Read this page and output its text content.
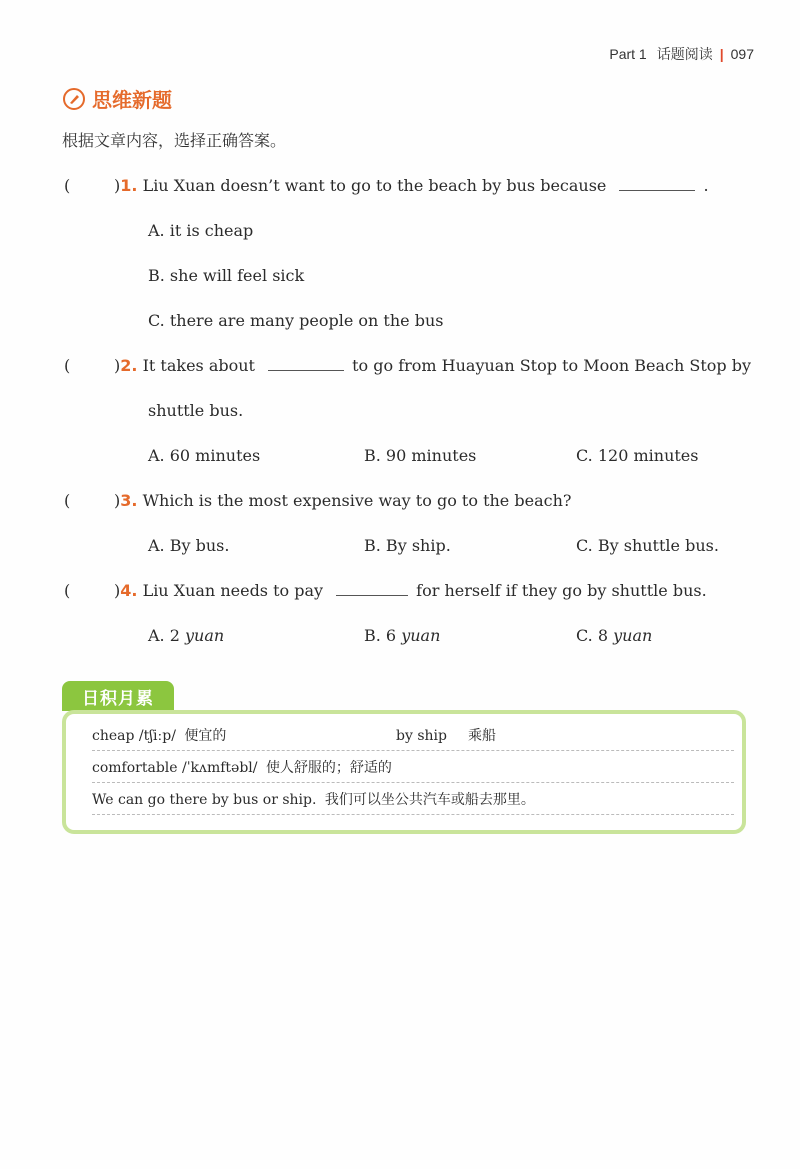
Part 1 话题阅读 | 097
思维新题
根据文章内容，选择正确答案。
(	)1. Liu Xuan doesn’t want to go to the beach by bus because	.
A. it is cheap
B. she will feel sick
C. there are many people on the bus
(	)2. It takes about	to go from Huayuan Stop to Moon Beach Stop by
shuttle bus.
A. 60 minutes	B. 90 minutes	C. 120 minutes
(	)3. Which is the most expensive way to go to the beach?
A. By bus.	B. By ship.	C. By shuttle bus.
(	)4. Liu Xuan needs to pay	for herself if they go by shuttle bus.
A. 2 yuan	B. 6 yuan	C. 8 yuan
日积月累
cheap /tʃiːp/ 便宜的	by ship 乘船
comfortable /ˈkʌmftəbl/ 使人舒服的；舒适的
We can go there by bus or ship. 我们可以坐公共汽车或船去那里。
